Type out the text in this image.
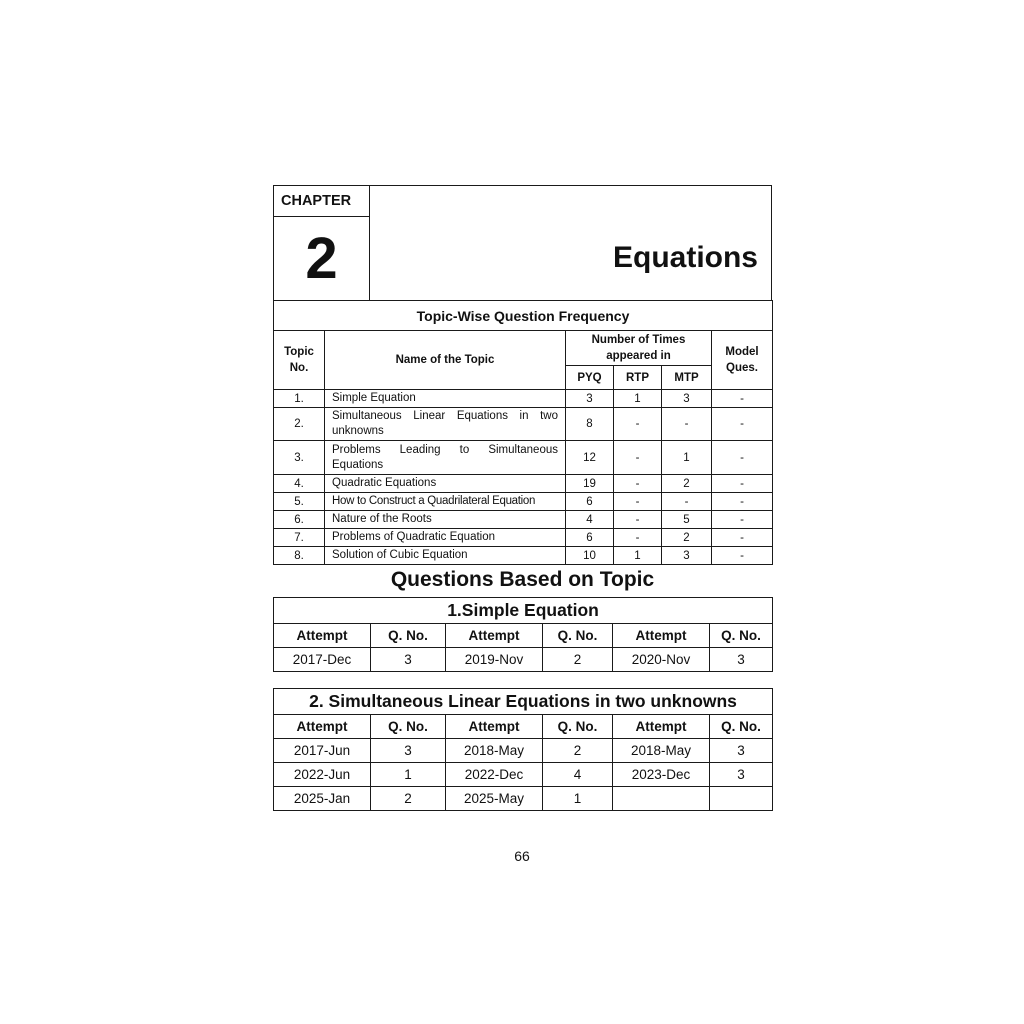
CHAPTER
2	Equations
Topic-Wise Question Frequency					
Topic No.	Name of the Topic	Number of Times appeared in			Model Ques.
		PYQ	RTP	MTP	
1.	Simple Equation	3	1	3	-
2.	Simultaneous Linear Equations in two unknowns	8	-	-	-
3.	Problems Leading to Simultaneous Equations	12	-	1	-
4.	Quadratic Equations	19	-	2	-
5.	How to Construct a Quadrilateral Equation	6	-	-	-
6.	Nature of the Roots	4	-	5	-
7.	Problems of Quadratic Equation	6	-	2	-
8.	Solution of Cubic Equation	10	1	3	-
Questions Based on Topic
1.Simple Equation					
Attempt	Q. No.	Attempt	Q. No.	Attempt	Q. No.
2017-Dec	3	2019-Nov	2	2020-Nov	3
2. Simultaneous Linear Equations in two unknowns					
Attempt	Q. No.	Attempt	Q. No.	Attempt	Q. No.
2017-Jun	3	2018-May	2	2018-May	3
2022-Jun	1	2022-Dec	4	2023-Dec	3
2025-Jan	2	2025-May	1		
66
